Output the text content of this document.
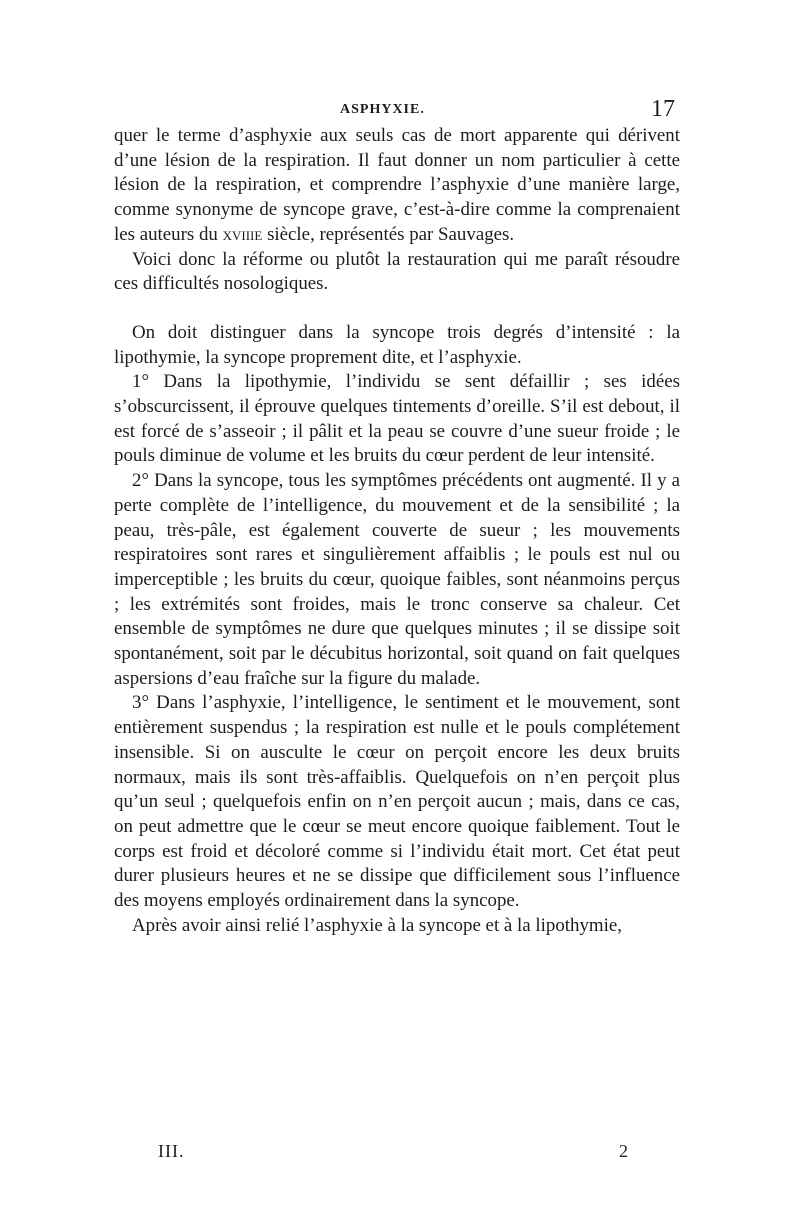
ASPHYXIE.	17

quer le terme d’asphyxie aux seuls cas de mort apparente qui dérivent d’une lésion de la respiration. Il faut donner un nom particulier à cette lésion de la respiration, et comprendre l’asphyxie d’une manière large, comme synonyme de syncope grave, c’est-à-dire comme la comprenaient les auteurs du xviiie siècle, représentés par Sauvages.

Voici donc la réforme ou plutôt la restauration qui me paraît résoudre ces difficultés nosologiques.

On doit distinguer dans la syncope trois degrés d’intensité : la lipothymie, la syncope proprement dite, et l’asphyxie.

1° Dans la lipothymie, l’individu se sent défaillir ; ses idées s’obscurcissent, il éprouve quelques tintements d’oreille. S’il est debout, il est forcé de s’asseoir ; il pâlit et la peau se couvre d’une sueur froide ; le pouls diminue de volume et les bruits du cœur perdent de leur intensité.

2° Dans la syncope, tous les symptômes précédents ont augmenté. Il y a perte complète de l’intelligence, du mouvement et de la sensibilité ; la peau, très-pâle, est également couverte de sueur ; les mouvements respiratoires sont rares et singulièrement affaiblis ; le pouls est nul ou imperceptible ; les bruits du cœur, quoique faibles, sont néanmoins perçus ; les extrémités sont froides, mais le tronc conserve sa chaleur. Cet ensemble de symptômes ne dure que quelques minutes ; il se dissipe soit spontanément, soit par le décubitus horizontal, soit quand on fait quelques aspersions d’eau fraîche sur la figure du malade.

3° Dans l’asphyxie, l’intelligence, le sentiment et le mouvement, sont entièrement suspendus ; la respiration est nulle et le pouls complétement insensible. Si on ausculte le cœur on perçoit encore les deux bruits normaux, mais ils sont très-affaiblis. Quelquefois on n’en perçoit plus qu’un seul ; quelquefois enfin on n’en perçoit aucun ; mais, dans ce cas, on peut admettre que le cœur se meut encore quoique faiblement. Tout le corps est froid et décoloré comme si l’individu était mort. Cet état peut durer plusieurs heures et ne se dissipe que difficilement sous l’influence des moyens employés ordinairement dans la syncope.

Après avoir ainsi relié l’asphyxie à la syncope et à la lipothymie,

III.	2
